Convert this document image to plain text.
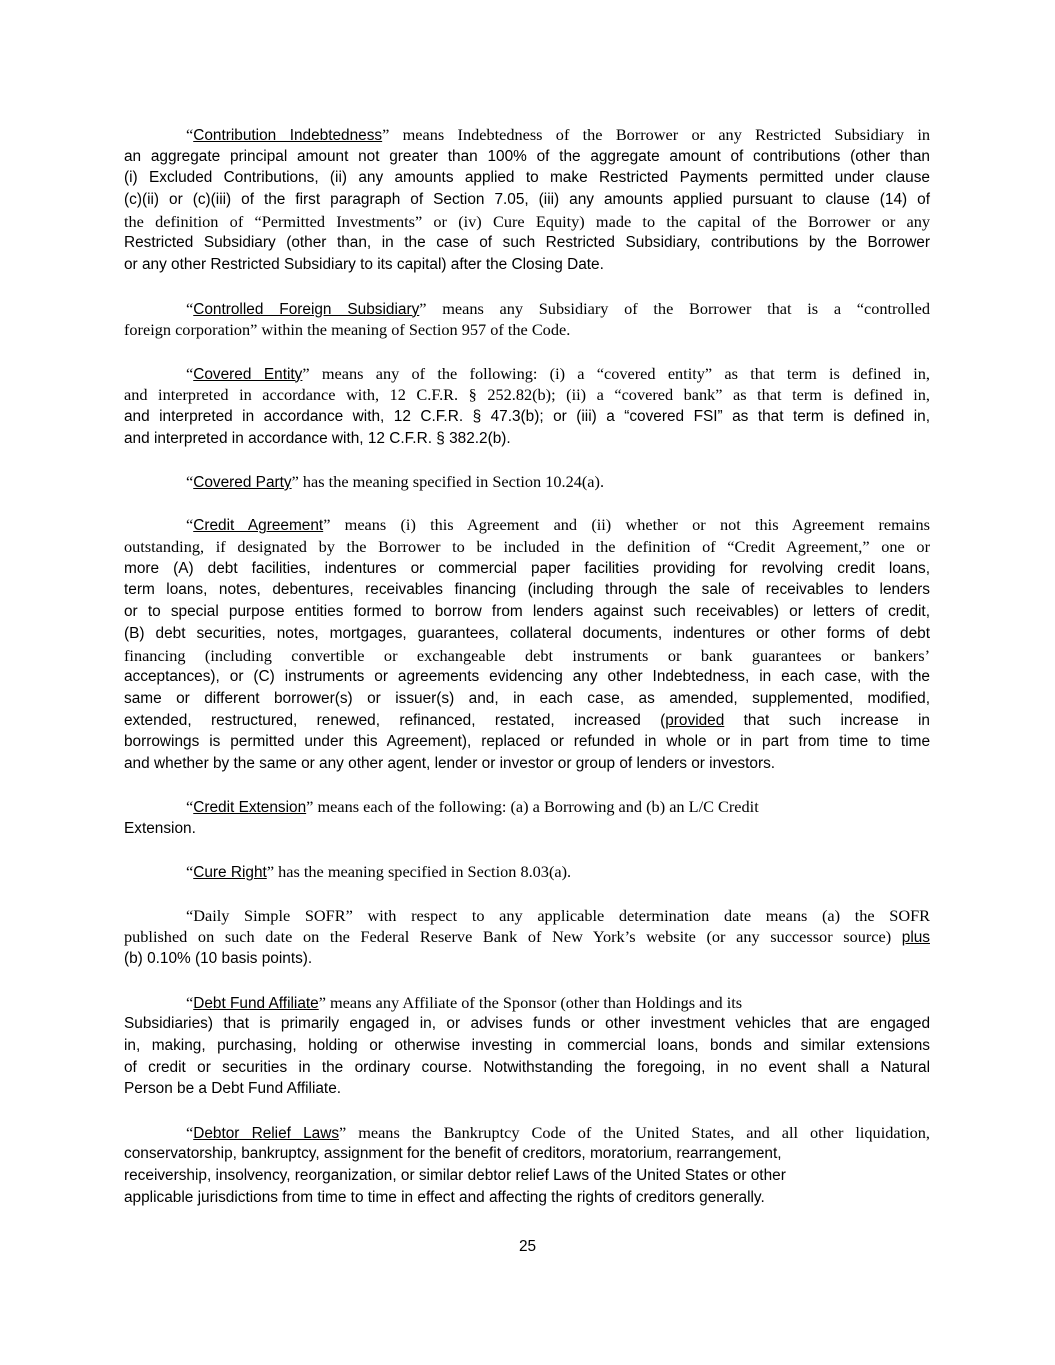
“Contribution Indebtedness” means Indebtedness of the Borrower or any Restricted Subsidiary in
an aggregate principal amount not greater than 100% of the aggregate amount of contributions (other than
(i) Excluded Contributions, (ii) any amounts applied to make Restricted Payments permitted under clause
(c)(ii) or (c)(iii) of the first paragraph of Section 7.05, (iii) any amounts applied pursuant to clause (14) of
the definition of “Permitted Investments” or (iv) Cure Equity) made to the capital of the Borrower or any
Restricted Subsidiary (other than, in the case of such Restricted Subsidiary, contributions by the Borrower
or any other Restricted Subsidiary to its capital) after the Closing Date.
“Controlled Foreign Subsidiary” means any Subsidiary of the Borrower that is a “controlled
foreign corporation” within the meaning of Section 957 of the Code.
“Covered Entity” means any of the following: (i) a “covered entity” as that term is defined in,
and interpreted in accordance with, 12 C.F.R. § 252.82(b); (ii) a “covered bank” as that term is defined in,
and interpreted in accordance with, 12 C.F.R. § 47.3(b); or (iii) a “covered FSI” as that term is defined in,
and interpreted in accordance with, 12 C.F.R. § 382.2(b).
“Covered Party” has the meaning specified in Section 10.24(a).
“Credit Agreement” means (i) this Agreement and (ii) whether or not this Agreement remains
outstanding, if designated by the Borrower to be included in the definition of “Credit Agreement,” one or
more (A) debt facilities, indentures or commercial paper facilities providing for revolving credit loans,
term loans, notes, debentures, receivables financing (including through the sale of receivables to lenders
or to special purpose entities formed to borrow from lenders against such receivables) or letters of credit,
(B) debt securities, notes, mortgages, guarantees, collateral documents, indentures or other forms of debt
financing (including convertible or exchangeable debt instruments or bank guarantees or bankers’
acceptances), or (C) instruments or agreements evidencing any other Indebtedness, in each case, with the
same or different borrower(s) or issuer(s) and, in each case, as amended, supplemented, modified,
extended, restructured, renewed, refinanced, restated, increased (provided that such increase in
borrowings is permitted under this Agreement), replaced or refunded in whole or in part from time to time
and whether by the same or any other agent, lender or investor or group of lenders or investors.
“Credit Extension” means each of the following: (a) a Borrowing and (b) an L/C Credit
Extension.
“Cure Right” has the meaning specified in Section 8.03(a).
“Daily Simple SOFR” with respect to any applicable determination date means (a) the SOFR
published on such date on the Federal Reserve Bank of New York’s website (or any successor source) plus
(b) 0.10% (10 basis points).
“Debt Fund Affiliate” means any Affiliate of the Sponsor (other than Holdings and its
Subsidiaries) that is primarily engaged in, or advises funds or other investment vehicles that are engaged
in, making, purchasing, holding or otherwise investing in commercial loans, bonds and similar extensions
of credit or securities in the ordinary course. Notwithstanding the foregoing, in no event shall a Natural
Person be a Debt Fund Affiliate.
“Debtor Relief Laws” means the Bankruptcy Code of the United States, and all other liquidation,
conservatorship, bankruptcy, assignment for the benefit of creditors, moratorium, rearrangement,
receivership, insolvency, reorganization, or similar debtor relief Laws of the United States or other
applicable jurisdictions from time to time in effect and affecting the rights of creditors generally.
25
